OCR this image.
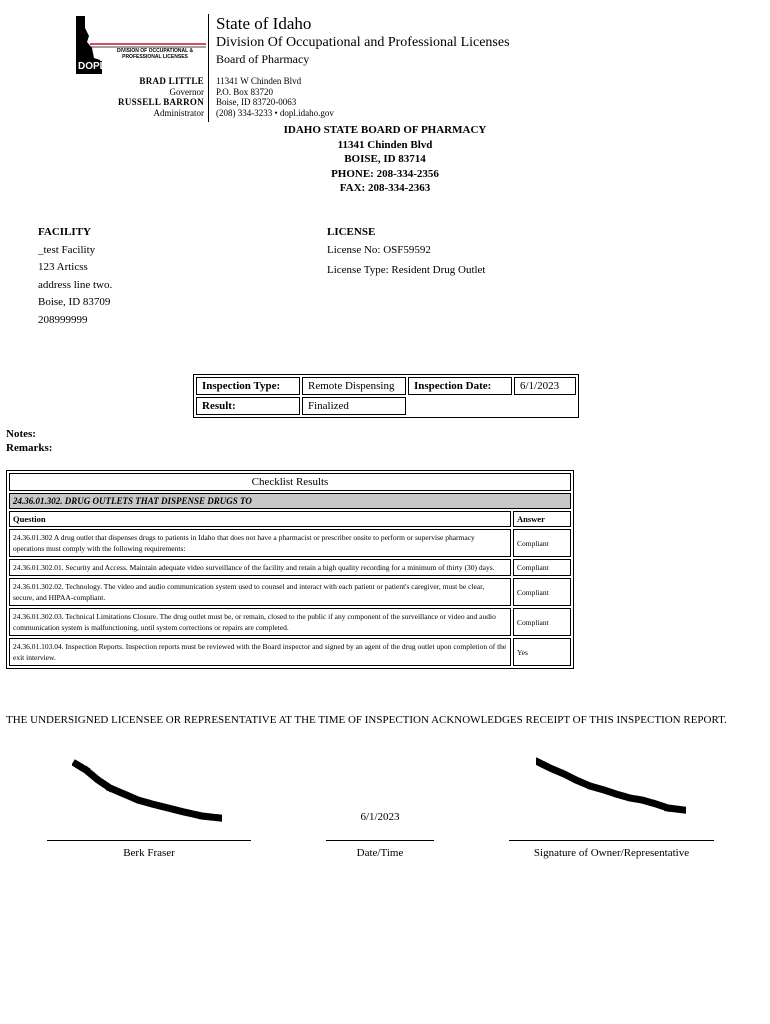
DOPL
DIVISION OF OCCUPATIONAL & PROFESSIONAL LICENSES
State of Idaho
Division Of Occupational and Professional Licenses
Board of Pharmacy
BRAD LITTLE
Governor
RUSSELL BARRON
Administrator
11341 W Chinden Blvd
P.O. Box 83720
Boise, ID 83720-0063
(208) 334-3233 • dopl.idaho.gov
IDAHO STATE BOARD OF PHARMACY
11341 Chinden Blvd
BOISE, ID 83714
PHONE: 208-334-2356
FAX: 208-334-2363
FACILITY
_test Facility
123 Articss
address line two.
Boise, ID 83709
208999999
LICENSE
License No: OSF59592
License Type: Resident Drug Outlet
Inspection Type:	Remote Dispensing	Inspection Date:	6/1/2023
Result:	Finalized		
Notes:
Remarks:
Checklist Results	
24.36.01.302. DRUG OUTLETS THAT DISPENSE DRUGS TO	
Question	Answer
24.36.01.302 A drug outlet that dispenses drugs to patients in Idaho that does not have a pharmacist or prescriber onsite to perform or supervise pharmacy operations must comply with the following requirements:	Compliant
24.36.01.302.01. Security and Access. Maintain adequate video surveillance of the facility and retain a high quality recording for a minimum of thirty (30) days.	Compliant
24.36.01.302.02. Technology. The video and audio communication system used to counsel and interact with each patient or patient's caregiver, must be clear, secure, and HIPAA-compliant.	Compliant
24.36.01.302.03. Technical Limitations Closure. The drug outlet must be, or remain, closed to the public if any component of the surveillance or video and audio communication system is malfunctioning, until system corrections or repairs are completed.	Compliant
24.36.01.103.04. Inspection Reports. Inspection reports must be reviewed with the Board inspector and signed by an agent of the drug outlet upon completion of the exit interview.	Yes
THE UNDERSIGNED LICENSEE OR REPRESENTATIVE AT THE TIME OF INSPECTION ACKNOWLEDGES RECEIPT OF THIS INSPECTION REPORT.
6/1/2023
Berk Fraser	Date/Time	Signature of Owner/Representative
